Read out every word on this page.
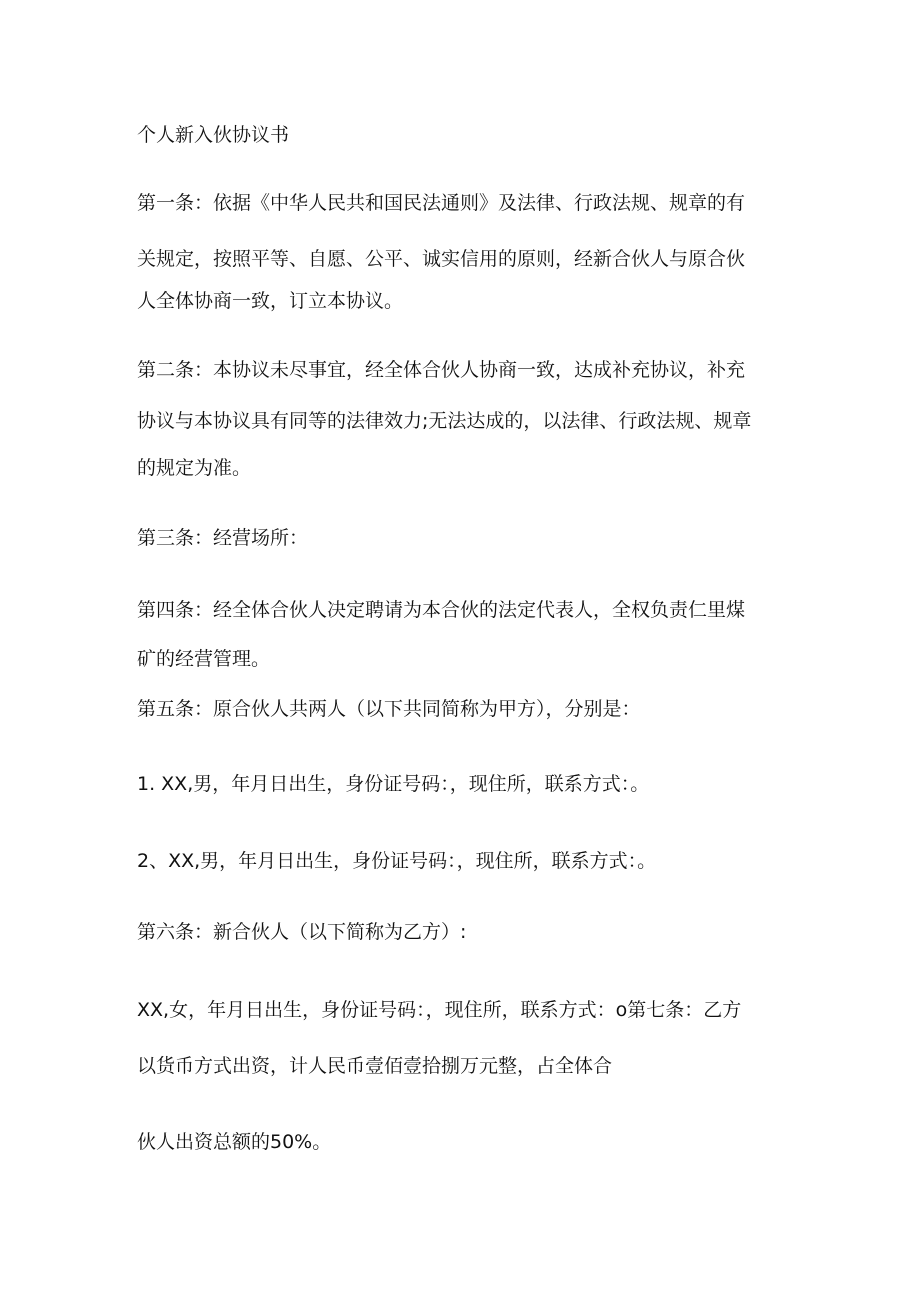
个人新入伙协议书

第一条：依据《中华人民共和国民法通则》及法律、行政法规、规章的有

关规定，按照平等、自愿、公平、诚实信用的原则，经新合伙人与原合伙

人全体协商一致，订立本协议。

第二条：本协议未尽事宜，经全体合伙人协商一致，达成补充协议，补充

协议与本协议具有同等的法律效力;无法达成的，以法律、行政法规、规章

的规定为准。

第三条：经营场所：

第四条：经全体合伙人决定聘请为本合伙的法定代表人，全权负责仁里煤

矿的经营管理。

第五条：原合伙人共两人（以下共同简称为甲方），分别是：

1. XX,男，年月日出生，身份证号码：，现住所，联系方式：。

2、XX,男，年月日出生，身份证号码：，现住所，联系方式：。

第六条：新合伙人（以下简称为乙方）:

XX,女，年月日出生，身份证号码：，现住所，联系方式：o第七条：乙方

以货币方式出资，计人民币壹佰壹拾捌万元整，占全体合

伙人出资总额的50%。
